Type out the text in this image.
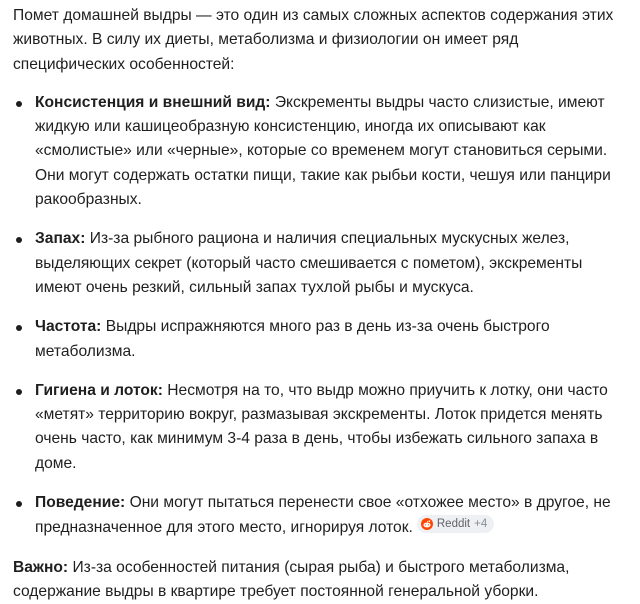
Помет домашней выдры — это один из самых сложных аспектов содержания этих животных. В силу их диеты, метаболизма и физиологии он имеет ряд специфических особенностей:

Консистенция и внешний вид: Экскременты выдры часто слизистые, имеют жидкую или кашицеобразную консистенцию, иногда их описывают как «смолистые» или «черные», которые со временем могут становиться серыми. Они могут содержать остатки пищи, такие как рыбьи кости, чешуя или панцири ракообразных.
Запах: Из-за рыбного рациона и наличия специальных мускусных желез, выделяющих секрет (который часто смешивается с пометом), экскременты имеют очень резкий, сильный запах тухлой рыбы и мускуса.
Частота: Выдры испражняются много раз в день из-за очень быстрого метаболизма.
Гигиена и лоток: Несмотря на то, что выдр можно приучить к лотку, они часто «метят» территорию вокруг, размазывая экскременты. Лоток придется менять очень часто, как минимум 3-4 раза в день, чтобы избежать сильного запаха в доме.
Поведение: Они могут пытаться перенести свое «отхожее место» в другое, не предназначенное для этого место, игнорируя лоток. Reddit +4

Важно: Из-за особенностей питания (сырая рыба) и быстрого метаболизма, содержание выдры в квартире требует постоянной генеральной уборки.
